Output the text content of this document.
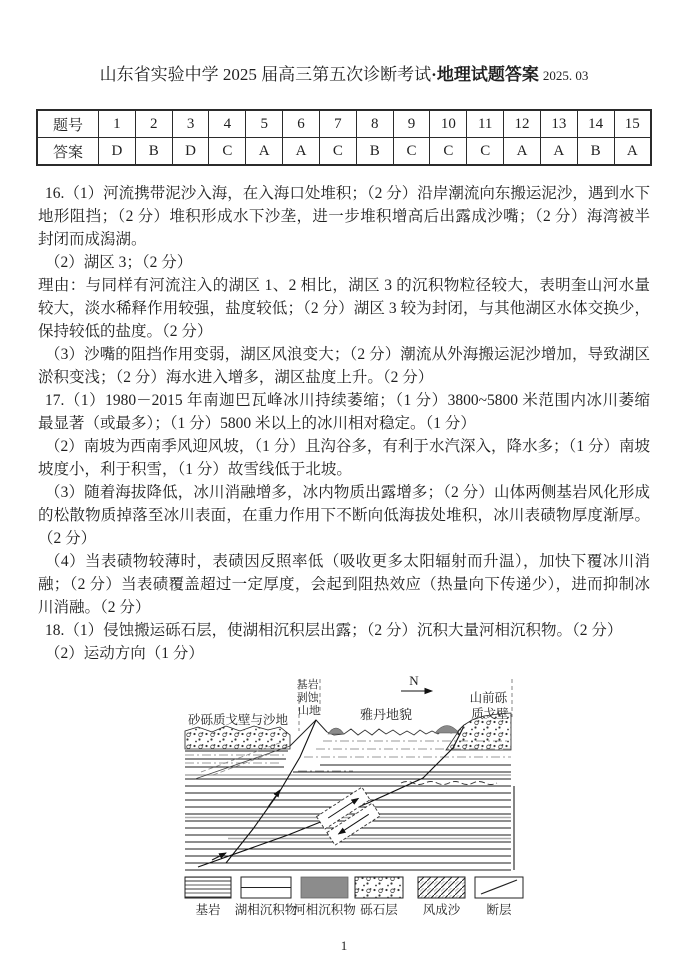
山东省实验中学 2025 届高三第五次诊断考试·地理试题答案 2025. 03
题号	1	2	3	4	5	6	7	8	9	10	11	12	13	14	15
答案	D	B	D	C	A	A	C	B	C	C	C	A	A	B	A

16.（1）河流携带泥沙入海，在入海口处堆积；（2 分）沿岸潮流向东搬运泥沙，遇到水下地形阻挡；（2 分）堆积形成水下沙垄，进一步堆积增高后出露成沙嘴；（2 分）海湾被半封闭而成潟湖。

（2）湖区 3；（2 分）

理由：与同样有河流注入的湖区 1、2 相比，湖区 3 的沉积物粒径较大，表明奎山河水量较大，淡水稀释作用较强，盐度较低；（2 分）湖区 3 较为封闭，与其他湖区水体交换少，保持较低的盐度。（2 分）

（3）沙嘴的阻挡作用变弱，湖区风浪变大；（2 分）潮流从外海搬运泥沙增加，导致湖区淤积变浅；（2 分）海水进入增多，湖区盐度上升。（2 分）

17.（1）1980－2015 年南迦巴瓦峰冰川持续萎缩；（1 分）3800~5800 米范围内冰川萎缩最显著（或最多）；（1 分）5800 米以上的冰川相对稳定。（1 分）

（2）南坡为西南季风迎风坡，（1 分）且沟谷多，有利于水汽深入，降水多；（1 分）南坡坡度小，利于积雪，（1 分）故雪线低于北坡。

（3）随着海拔降低，冰川消融增多，冰内物质出露增多；（2 分）山体两侧基岩风化形成的松散物质掉落至冰川表面，在重力作用下不断向低海拔处堆积，冰川表碛物厚度渐厚。（2 分）

（4）当表碛物较薄时，表碛因反照率低（吸收更多太阳辐射而升温），加快下覆冰川消融；（2 分）当表碛覆盖超过一定厚度，会起到阻热效应（热量向下传递少），进而抑制冰川消融。（2 分）

18.（1）侵蚀搬运砾石层，使湖相沉积层出露；（2 分）沉积大量河相沉积物。（2 分）

（2）运动方向（1 分）

N
砂砾质戈壁与沙地
基岩 剥蚀 山地	雅丹地貌
山前砾 质戈壁
基岩 湖相沉积物
河相沉积物 砾石层 风成沙 断层
1
